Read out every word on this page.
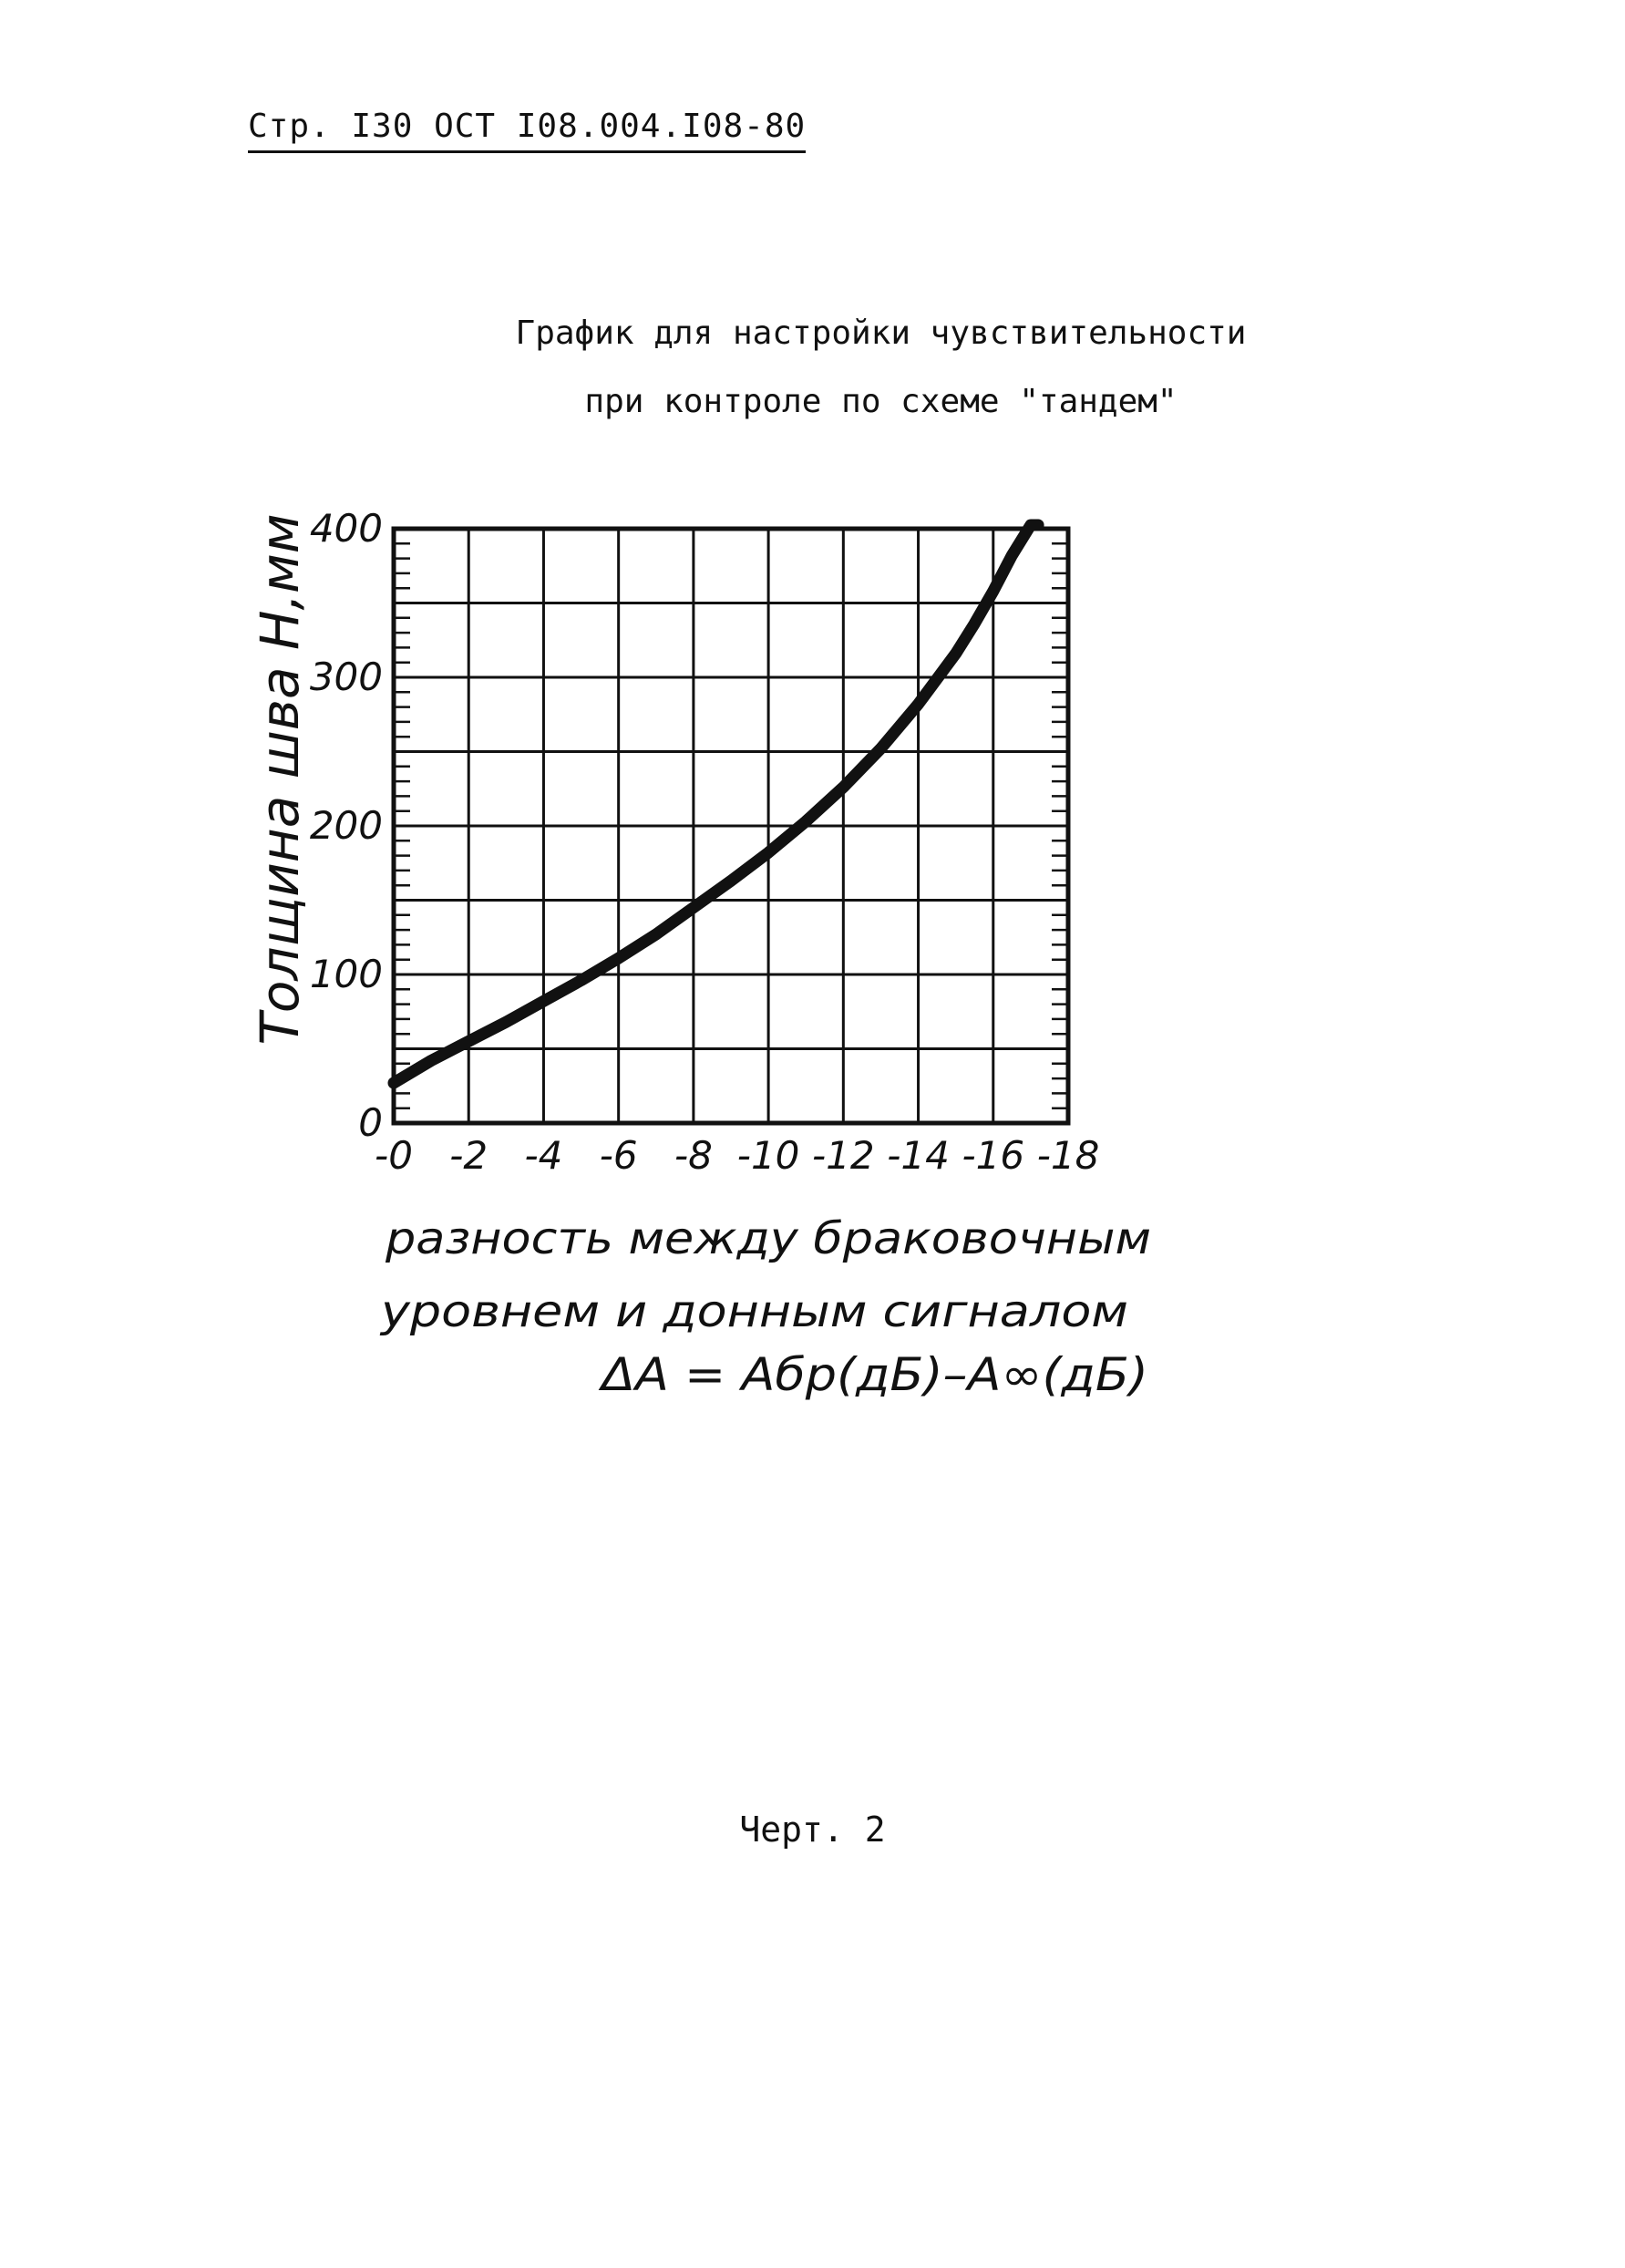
Стр. I30 ОСТ I08.004.I08-80
График для настройки чувствительности
при контроле по схеме "тандем"
-0 -2 -4 -6 -8 -10 -12 -14 -16 -18
0
100
200
300
400
Толщина шва H,мм
разность между браковочным
уровнем и донным сигналом
ΔA = Aбр(дБ)–A∞(дБ)
Черт. 2
